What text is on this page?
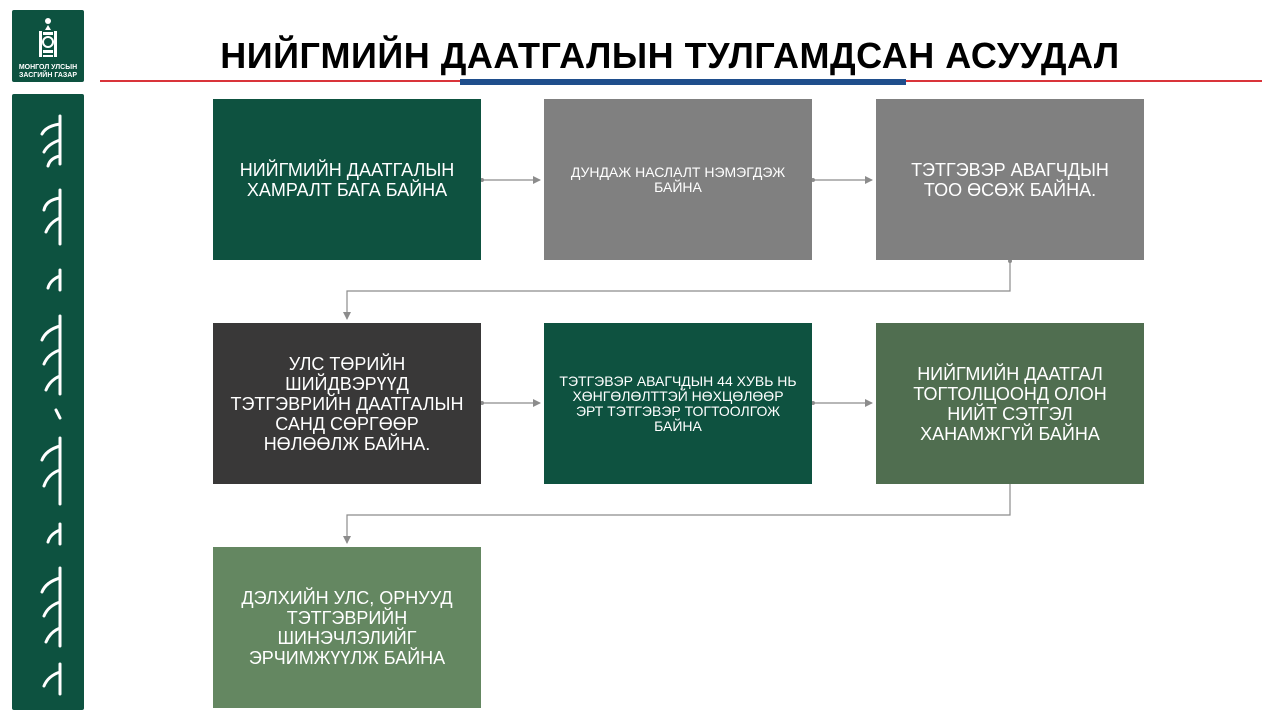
МОНГОЛ УЛСЫН
ЗАСГИЙН ГАЗАР	НИЙГМИЙН ДААТГАЛЫН ТУЛГАМДСАН АСУУДАЛ
НИЙГМИЙН ДААТГАЛЫН ХАМРАЛТ БАГА БАЙНА
ДУНДАЖ НАСЛАЛТ НЭМЭГДЭЖ
БАЙНА
ТЭТГЭВЭР АВАГЧДЫН ТОО ӨСӨЖ БАЙНА.
УЛС ТӨРИЙН ШИЙДВЭРҮҮД ТЭТГЭВРИЙН ДААТГАЛЫН САНД СӨРГӨӨР НӨЛӨӨЛЖ БАЙНА.
ТЭТГЭВЭР АВАГЧДЫН 44 ХУВЬ НЬ ХӨНГӨЛӨЛТТЭЙ НӨХЦӨЛӨӨР ЭРТ ТЭТГЭВЭР ТОГТООЛГОЖ БАЙНА
НИЙГМИЙН ДААТГАЛ ТОГТОЛЦООНД ОЛОН НИЙТ СЭТГЭЛ ХАНАМЖГҮЙ БАЙНА
ДЭЛХИЙН УЛС, ОРНУУД ТЭТГЭВРИЙН ШИНЭЧЛЭЛИЙГ ЭРЧИМЖҮҮЛЖ БАЙНА
